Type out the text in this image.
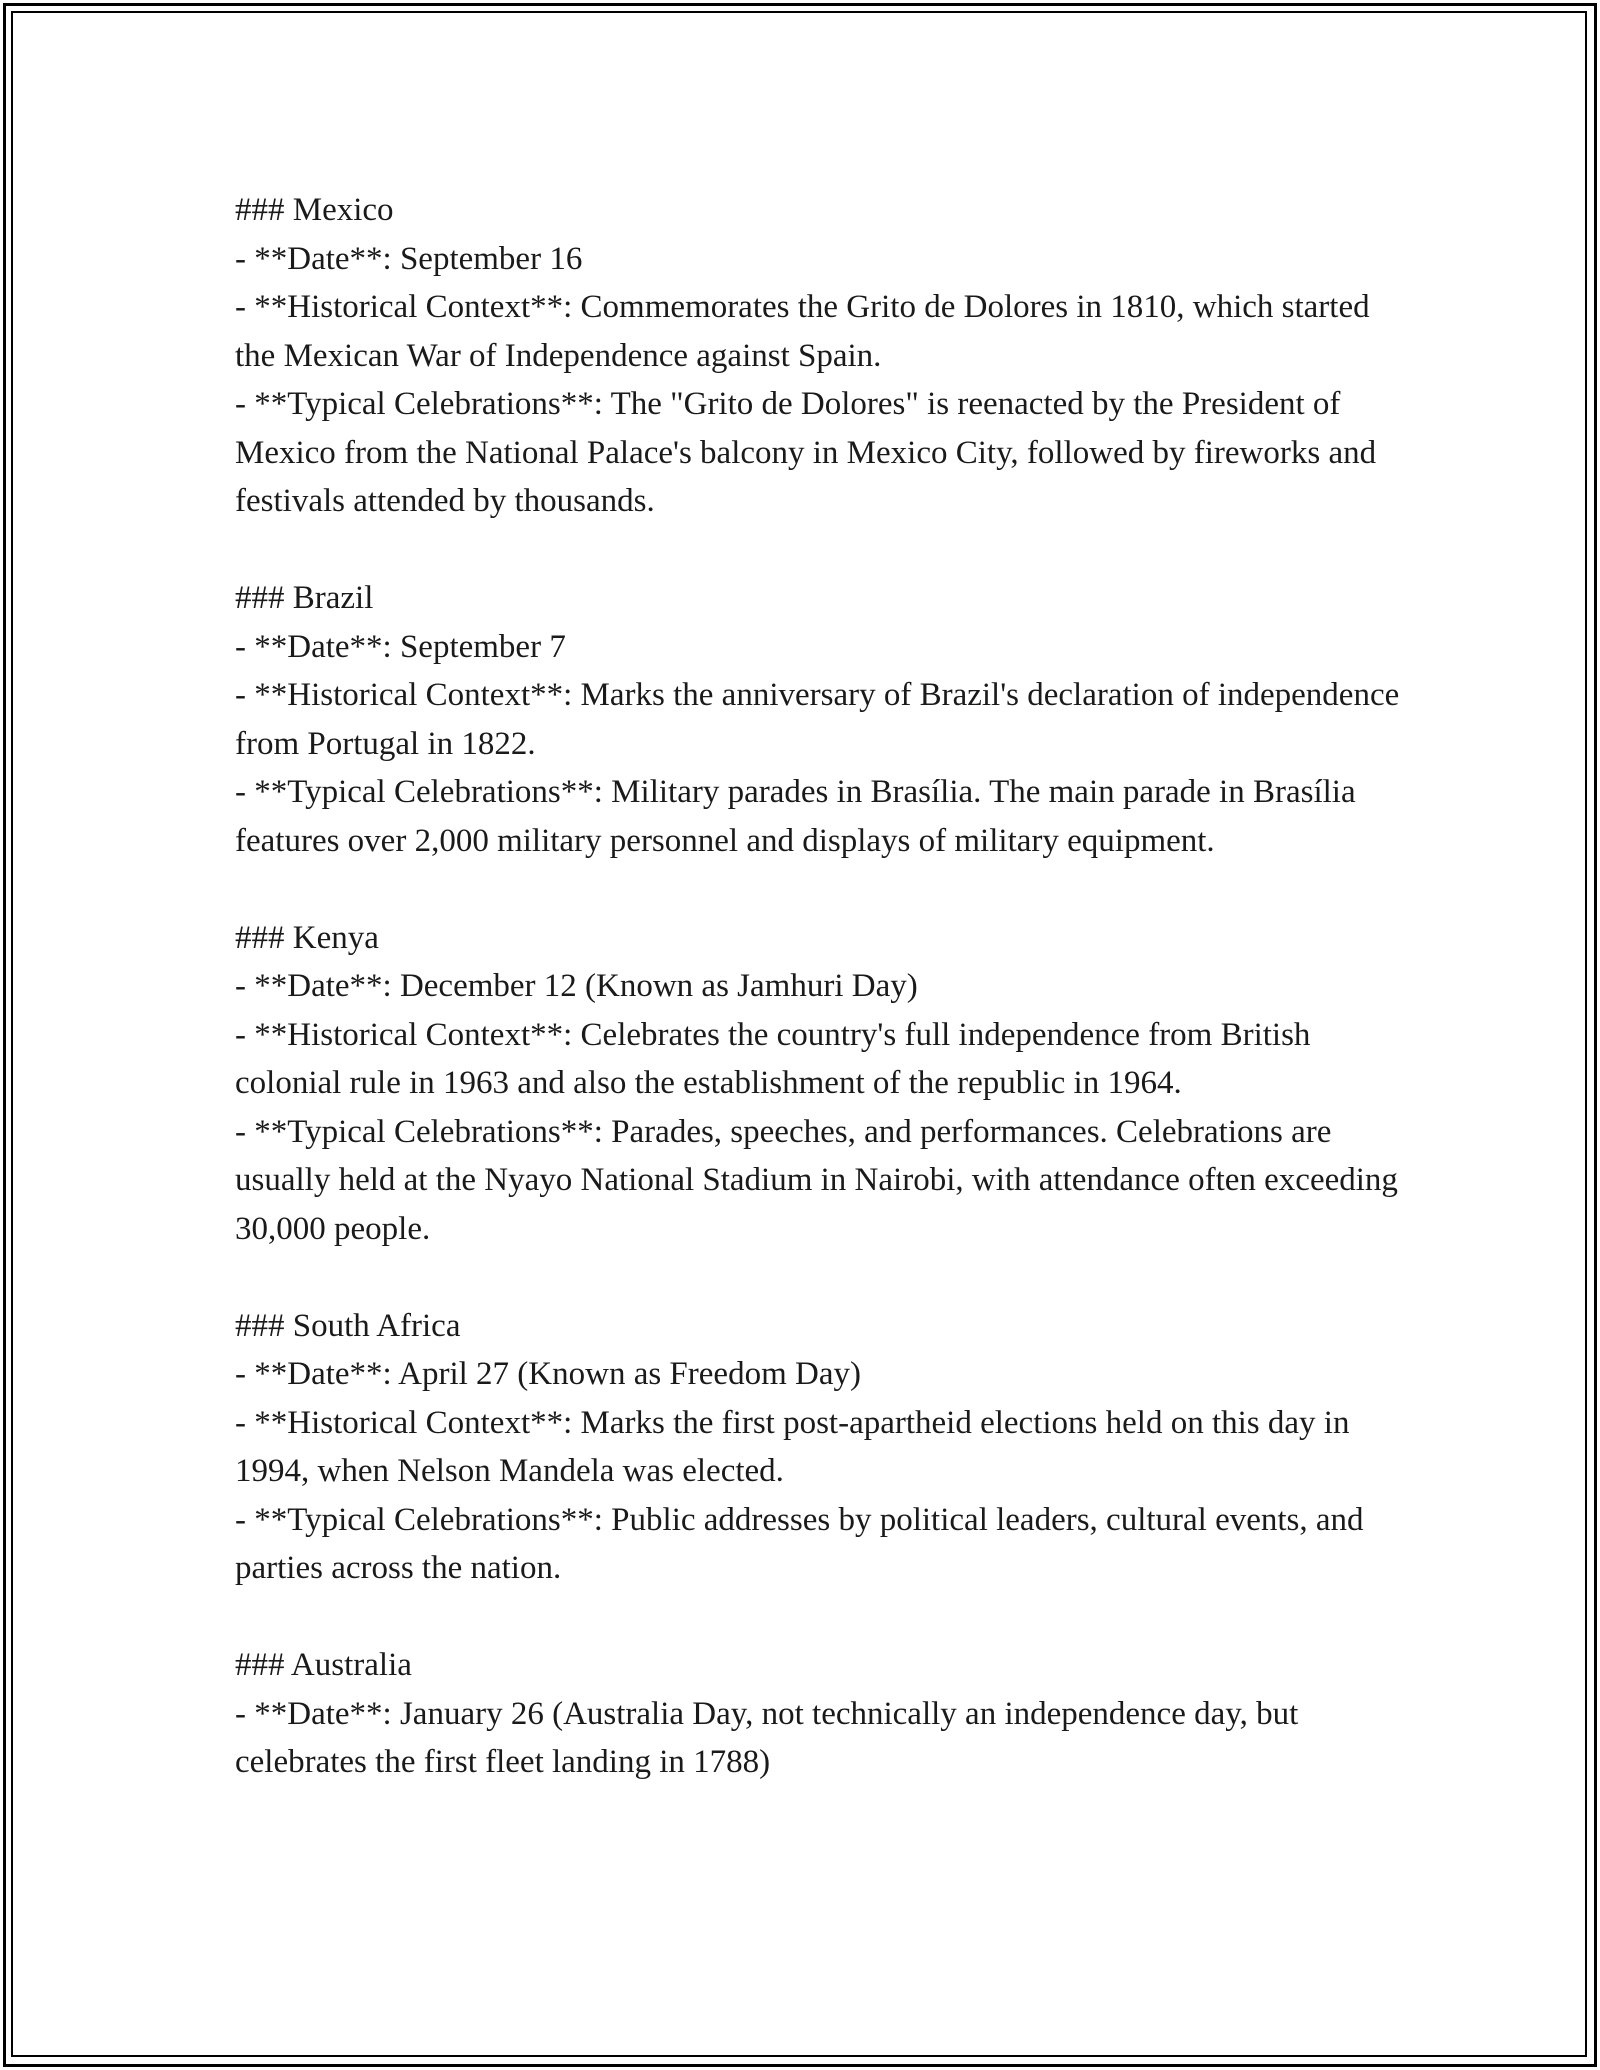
### Mexico

- **Date**: September 16

- **Historical Context**: Commemorates the Grito de Dolores in 1810, which started the Mexican War of Independence against Spain.

- **Typical Celebrations**: The "Grito de Dolores" is reenacted by the President of Mexico from the National Palace's balcony in Mexico City, followed by fireworks and festivals attended by thousands.

### Brazil

- **Date**: September 7

- **Historical Context**: Marks the anniversary of Brazil's declaration of independence from Portugal in 1822.

- **Typical Celebrations**: Military parades in Brasília. The main parade in Brasília features over 2,000 military personnel and displays of military equipment.

### Kenya

- **Date**: December 12 (Known as Jamhuri Day)

- **Historical Context**: Celebrates the country's full independence from British colonial rule in 1963 and also the establishment of the republic in 1964.

- **Typical Celebrations**: Parades, speeches, and performances. Celebrations are usually held at the Nyayo National Stadium in Nairobi, with attendance often exceeding 30,000 people.

### South Africa

- **Date**: April 27 (Known as Freedom Day)

- **Historical Context**: Marks the first post-apartheid elections held on this day in 1994, when Nelson Mandela was elected.

- **Typical Celebrations**: Public addresses by political leaders, cultural events, and parties across the nation.

### Australia

- **Date**: January 26 (Australia Day, not technically an independence day, but celebrates the first fleet landing in 1788)
